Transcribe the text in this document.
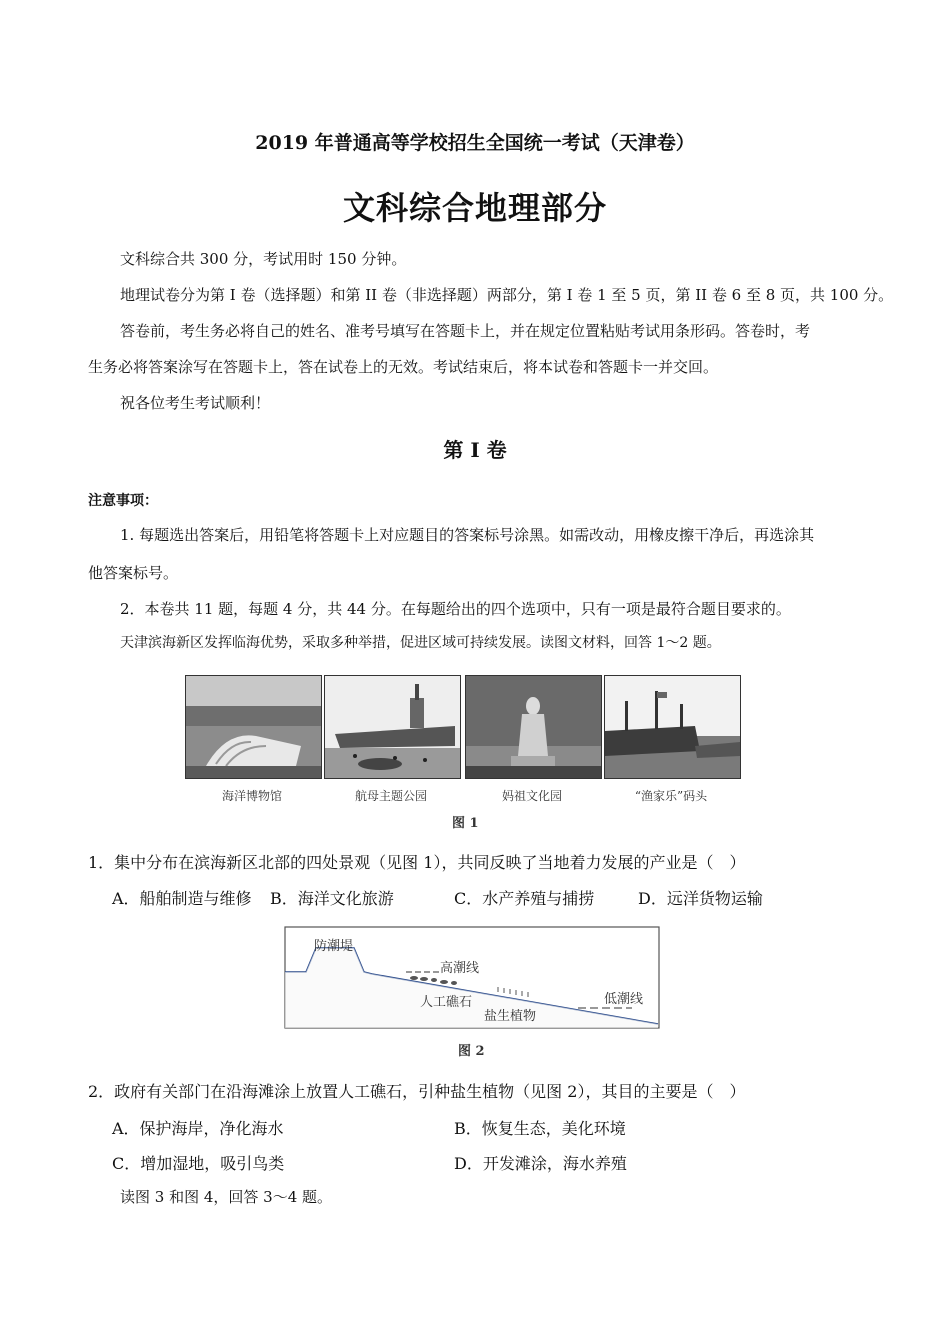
2019 年普通高等学校招生全国统一考试（天津卷）
文科综合地理部分
文科综合共 300 分，考试用时 150 分钟。
地理试卷分为第 I 卷（选择题）和第 II 卷（非选择题）两部分，第 I 卷 1 至 5 页，第 II 卷 6 至 8 页，共 100 分。
答卷前，考生务必将自己的姓名、准考号填写在答题卡上，并在规定位置粘贴考试用条形码。答卷时，考
生务必将答案涂写在答题卡上，答在试卷上的无效。考试结束后，将本试卷和答题卡一并交回。
祝各位考生考试顺利！
第 I 卷
注意事项：
1. 每题选出答案后，用铅笔将答题卡上对应题目的答案标号涂黑。如需改动，用橡皮擦干净后，再选涂其
他答案标号。
2．本卷共 11 题，每题 4 分，共 44 分。在每题给出的四个选项中，只有一项是最符合题目要求的。
天津滨海新区发挥临海优势，采取多种举措，促进区域可持续发展。读图文材料，回答 1～2 题。
海洋博物馆	航母主题公园	妈祖文化园	“渔家乐”码头
图 1
1．集中分布在滨海新区北部的四处景观（见图 1），共同反映了当地着力发展的产业是（　）
A．船舶制造与维修 B．海洋文化旅游	C．水产养殖与捕捞	D．远洋货物运输
防潮堤
高潮线
人工礁石
盐生植物
低潮线
图 2
2．政府有关部门在沿海滩涂上放置人工礁石，引种盐生植物（见图 2），其目的主要是（　）
A．保护海岸，净化海水	B．恢复生态，美化环境
C．增加湿地，吸引鸟类	D．开发滩涂，海水养殖
读图 3 和图 4，回答 3～4 题。
